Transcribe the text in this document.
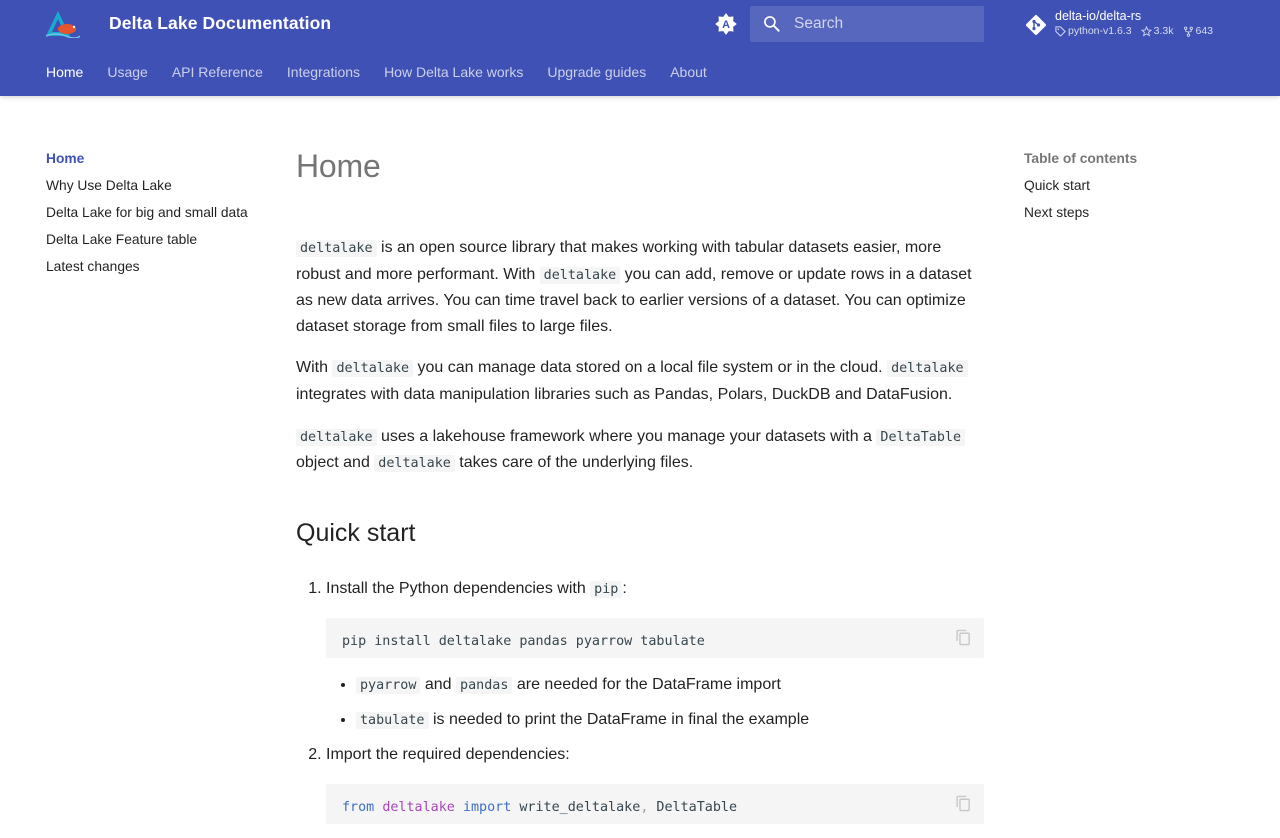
Delta Lake Documentation	A
Search
delta-io/delta-rs
python-v1.6.3 3.3k 643
Home Usage API Reference Integrations How Delta Lake works Upgrade guides About
Home
Why Use Delta Lake
Delta Lake for big and small data
Delta Lake Feature table
Latest changes
Table of contents
Quick start
Next steps
Home

deltalake is an open source library that makes working with tabular datasets easier, more robust and more performant. With deltalake you can add, remove or update rows in a dataset as new data arrives. You can time travel back to earlier versions of a dataset. You can optimize dataset storage from small files to large files.

With deltalake you can manage data stored on a local file system or in the cloud. deltalake integrates with data manipulation libraries such as Pandas, Polars, DuckDB and DataFusion.

deltalake uses a lakehouse framework where you manage your datasets with a DeltaTable object and deltalake takes care of the underlying files.

Quick start
1. Install the Python dependencies with pip :
pip install deltalake pandas pyarrow tabulate
• pyarrow and pandas are needed for the DataFrame import
• tabulate is needed to print the DataFrame in final the example
2. Import the required dependencies:
from deltalake import write_deltalake, DeltaTable
